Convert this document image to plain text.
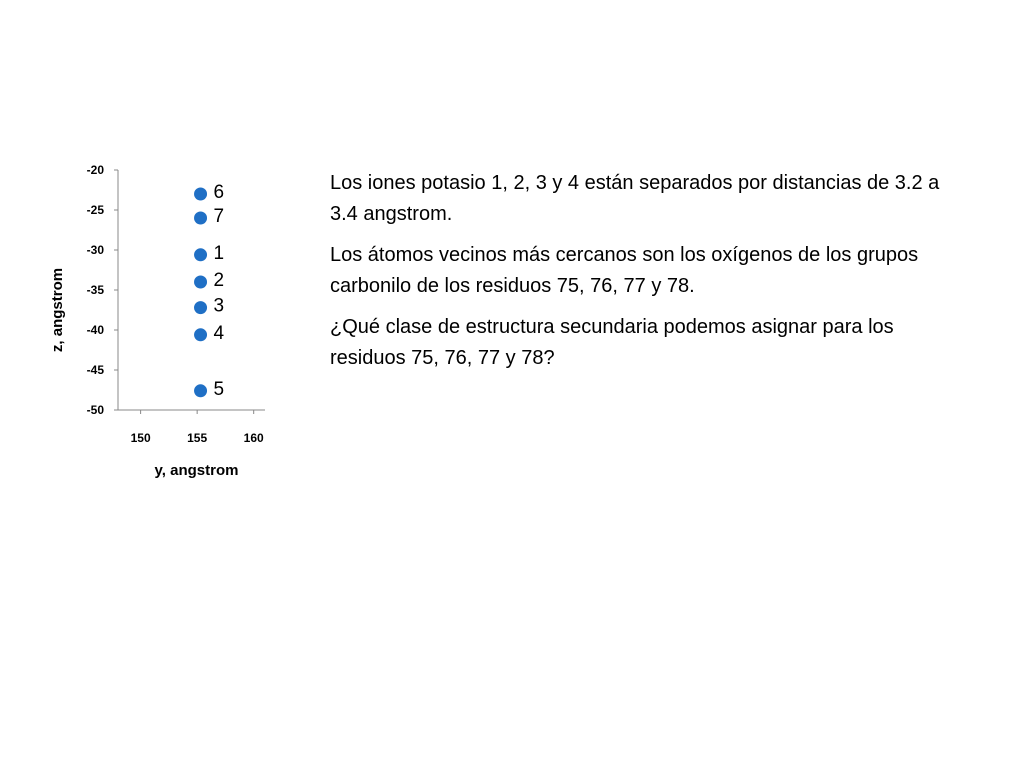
-20
-25
-30
-35
-40
-45
-50
150	155	160
6
7
1
2
3
4
5
y, angstrom
z, angstrom

Los iones potasio 1, 2, 3 y 4 están separados por distancias de 3.2 a 3.4 angstrom.

Los átomos vecinos más cercanos son los oxígenos de los grupos carbonilo de los residuos 75, 76, 77 y 78.

¿Qué clase de estructura secundaria podemos asignar para los residuos 75, 76, 77 y 78?
